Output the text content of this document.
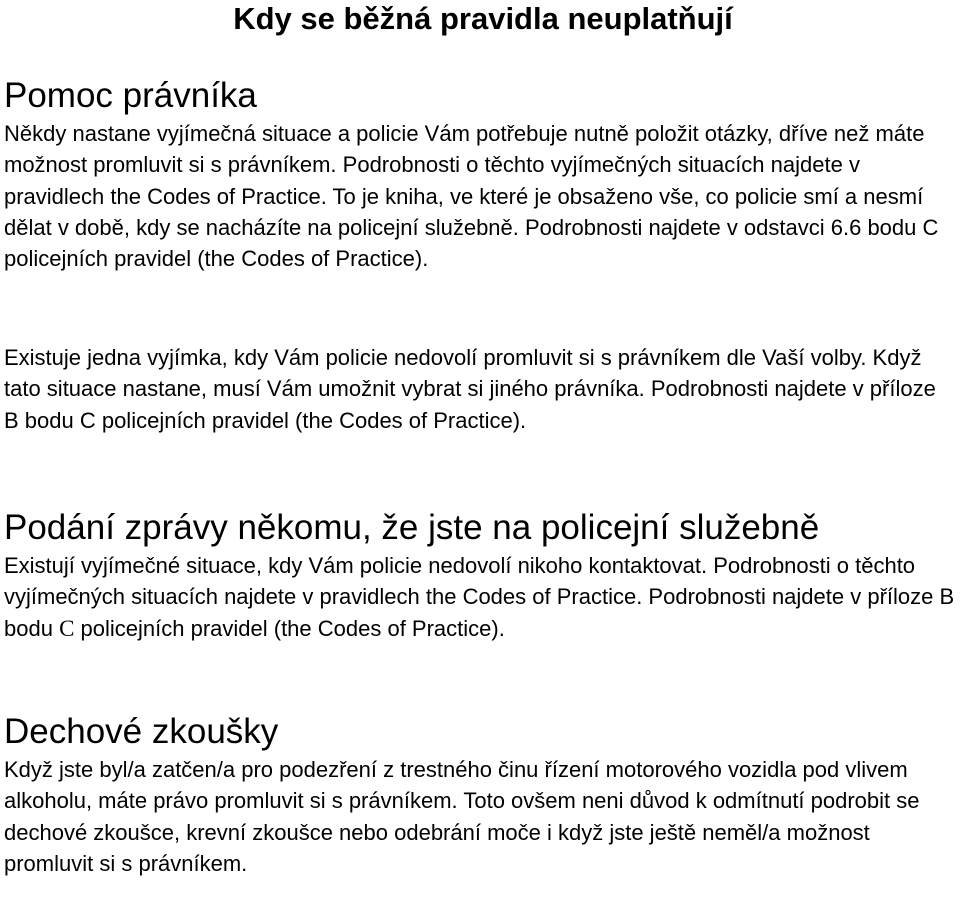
Kdy se běžná pravidla neuplatňují
Pomoc právníka

Někdy nastane vyjímečná situace a policie Vám potřebuje nutně položit otázky, dříve než máte možnost promluvit si s právníkem. Podrobnosti o těchto vyjímečných situacích najdete v pravidlech the Codes of Practice. To je kniha, ve které je obsaženo vše, co policie smí a nesmí dělat v době, kdy se nacházíte na policejní služebně. Podrobnosti najdete v odstavci 6.6 bodu C policejních pravidel (the Codes of Practice).

Existuje jedna vyjímka, kdy Vám policie nedovolí promluvit si s právníkem dle Vaší volby. Když tato situace nastane, musí Vám umožnit vybrat si jiného právníka. Podrobnosti najdete v příloze B bodu C policejních pravidel (the Codes of Practice).

Podání zprávy někomu, že jste na policejní služebně

Existují vyjímečné situace, kdy Vám policie nedovolí nikoho kontaktovat. Podrobnosti o těchto vyjímečných situacích najdete v pravidlech the Codes of Practice. Podrobnosti najdete v příloze B bodu C policejních pravidel (the Codes of Practice).

Dechové zkoušky

Když jste byl/a zatčen/a pro podezření z trestného činu řízení motorového vozidla pod vlivem alkoholu, máte právo promluvit si s právníkem. Toto ovšem neni důvod k odmítnutí podrobit se dechové zkoušce, krevní zkoušce nebo odebrání moče i když jste ještě neměl/a možnost promluvit si s právníkem.
